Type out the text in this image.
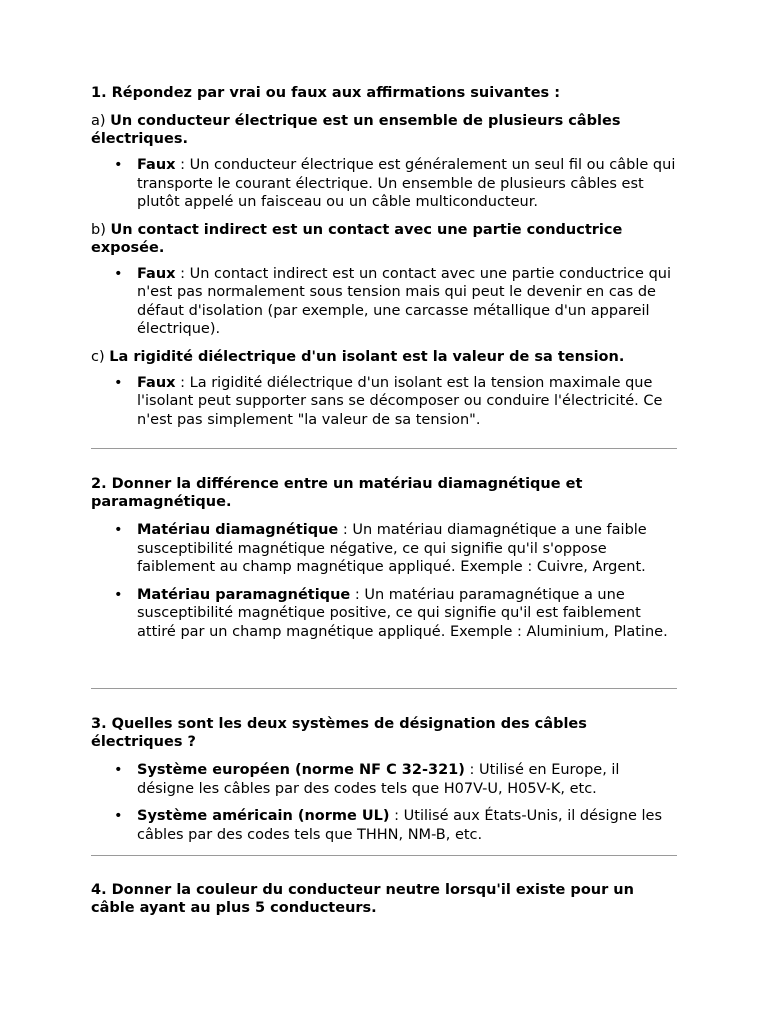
1. Répondez par vrai ou faux aux affirmations suivantes :
a) Un conducteur électrique est un ensemble de plusieurs câbles électriques.
• Faux : Un conducteur électrique est généralement un seul fil ou câble qui transporte le courant électrique. Un ensemble de plusieurs câbles est plutôt appelé un faisceau ou un câble multiconducteur.
b) Un contact indirect est un contact avec une partie conductrice exposée.
• Faux : Un contact indirect est un contact avec une partie conductrice qui n'est pas normalement sous tension mais qui peut le devenir en cas de défaut d'isolation (par exemple, une carcasse métallique d'un appareil électrique).
c) La rigidité diélectrique d'un isolant est la valeur de sa tension.
• Faux : La rigidité diélectrique d'un isolant est la tension maximale que l'isolant peut supporter sans se décomposer ou conduire l'électricité. Ce n'est pas simplement "la valeur de sa tension".
2. Donner la différence entre un matériau diamagnétique et paramagnétique.
• Matériau diamagnétique : Un matériau diamagnétique a une faible susceptibilité magnétique négative, ce qui signifie qu'il s'oppose faiblement au champ magnétique appliqué. Exemple : Cuivre, Argent.
• Matériau paramagnétique : Un matériau paramagnétique a une susceptibilité magnétique positive, ce qui signifie qu'il est faiblement attiré par un champ magnétique appliqué. Exemple : Aluminium, Platine.
3. Quelles sont les deux systèmes de désignation des câbles électriques ?
• Système européen (norme NF C 32-321) : Utilisé en Europe, il désigne les câbles par des codes tels que H07V-U, H05V-K, etc.
• Système américain (norme UL) : Utilisé aux États-Unis, il désigne les câbles par des codes tels que THHN, NM-B, etc.
4. Donner la couleur du conducteur neutre lorsqu'il existe pour un câble ayant au plus 5 conducteurs.
